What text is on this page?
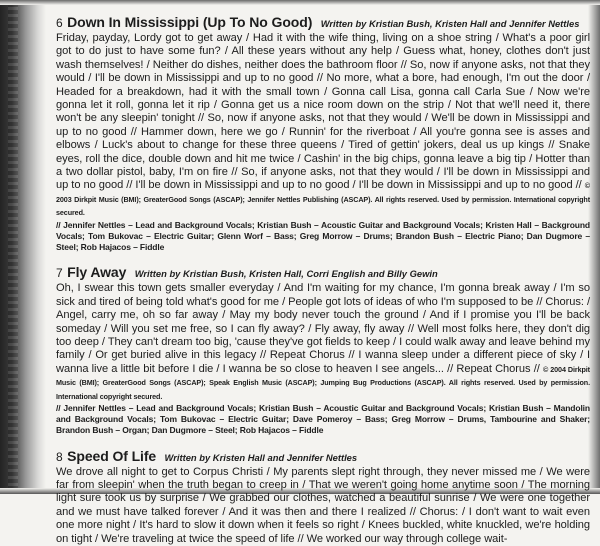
6 Down In Mississippi (Up To No Good) Written by Kristian Bush, Kristen Hall and Jennifer Nettles

Friday, payday, Lordy got to get away / Had it with the wife thing, living on a shoe string / What's a poor girl got to do just to have some fun? / All these years without any help / Guess what, honey, clothes don't just wash themselves! / Neither do dishes, neither does the bathroom floor // So, now if anyone asks, not that they would / I'll be down in Mississippi and up to no good // No more, what a bore, had enough, I'm out the door / Headed for a breakdown, had it with the small town / Gonna call Lisa, gonna call Carla Sue / Now we're gonna let it roll, gonna let it rip / Gonna get us a nice room down on the strip / Not that we'll need it, there won't be any sleepin' tonight // So, now if anyone asks, not that they would / We'll be down in Mississippi and up to no good // Hammer down, here we go / Runnin' for the riverboat / All you're gonna see is asses and elbows / Luck's about to change for these three queens / Tired of gettin' jokers, deal us up kings // Snake eyes, roll the dice, double down and hit me twice / Cashin' in the big chips, gonna leave a big tip / Hotter than a two dollar pistol, baby, I'm on fire // So, if anyone asks, not that they would / I'll be down in Mississippi and up to no good // I'll be down in Mississippi and up to no good / I'll be down in Mississippi and up to no good // © 2003 Dirkpit Music (BMI); GreaterGood Songs (ASCAP); Jennifer Nettles Publishing (ASCAP). All rights reserved. Used by permission. International copyright secured.

// Jennifer Nettles – Lead and Background Vocals; Kristian Bush – Acoustic Guitar and Background Vocals; Kristen Hall – Background Vocals; Tom Bukovac – Electric Guitar; Glenn Worf – Bass; Greg Morrow – Drums; Brandon Bush – Electric Piano; Dan Dugmore – Steel; Rob Hajacos – Fiddle

7 Fly Away Written by Kristian Bush, Kristen Hall, Corri English and Billy Gewin

Oh, I swear this town gets smaller everyday / And I'm waiting for my chance, I'm gonna break away / I'm so sick and tired of being told what's good for me / People got lots of ideas of who I'm supposed to be // Chorus: / Angel, carry me, oh so far away / May my body never touch the ground / And if I promise you I'll be back someday / Will you set me free, so I can fly away? / Fly away, fly away // Well most folks here, they don't dig too deep / They can't dream too big, 'cause they've got fields to keep / I could walk away and leave behind my family / Or get buried alive in this legacy // Repeat Chorus // I wanna sleep under a different piece of sky / I wanna live a little bit before I die / I wanna be so close to heaven I see angels... // Repeat Chorus // © 2004 Dirkpit Music (BMI); GreaterGood Songs (ASCAP); Speak English Music (ASCAP); Jumping Bug Productions (ASCAP). All rights reserved. Used by permission. International copyright secured.

// Jennifer Nettles – Lead and Background Vocals; Kristian Bush – Acoustic Guitar and Background Vocals; Kristian Bush – Mandolin and Background Vocals; Tom Bukovac – Electric Guitar; Dave Pomeroy – Bass; Greg Morrow – Drums, Tambourine and Shaker; Brandon Bush – Organ; Dan Dugmore – Steel; Rob Hajacos – Fiddle

8 Speed Of Life Written by Kristen Hall and Jennifer Nettles

We drove all night to get to Corpus Christi / My parents slept right through, they never missed me / We were far from sleepin' when the truth began to creep in / That we weren't going home anytime soon / The morning light sure took us by surprise / We grabbed our clothes, watched a beautiful sunrise / We were one together and we must have talked forever / And it was then and there I realized // Chorus: / I don't want to wait even one more night / It's hard to slow it down when it feels so right / Knees buckled, white knuckled, we're holding on tight / We're traveling at twice the speed of life // We worked our way through college wait-
